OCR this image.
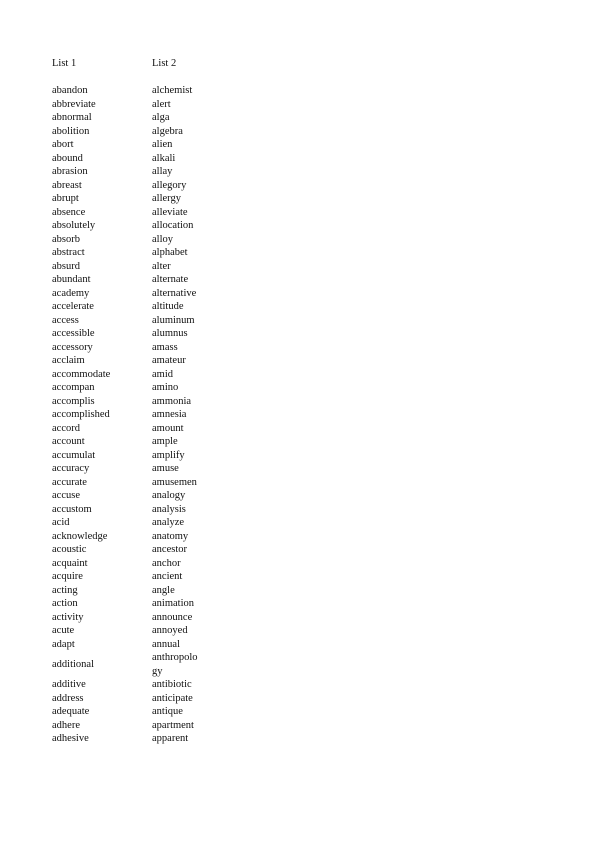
List 1	List 2

abandon	alchemist
abbreviate	alert
abnormal	alga
abolition	algebra
abort	alien
abound	alkali
abrasion	allay
abreast	allegory
abrupt	allergy
absence	alleviate
absolutely	allocation
absorb	alloy
abstract	alphabet
absurd	alter
abundant	alternate
academy	alternative
accelerate	altitude
access	aluminum
accessible	alumnus
accessory	amass
acclaim	amateur
accommodate	amid
accompan	amino
accomplis	ammonia
accomplished	amnesia
accord	amount
account	ample
accumulat	amplify
accuracy	amuse
accurate	amusemen
accuse	analogy
accustom	analysis
acid	analyze
acknowledge	anatomy
acoustic	ancestor
acquaint	anchor
acquire	ancient
acting	angle
action	animation
activity	announce
acute	annoyed
adapt	annual
additional	anthropology
additive	antibiotic
address	anticipate
adequate	antique
adhere	apartment
adhesive	apparent
